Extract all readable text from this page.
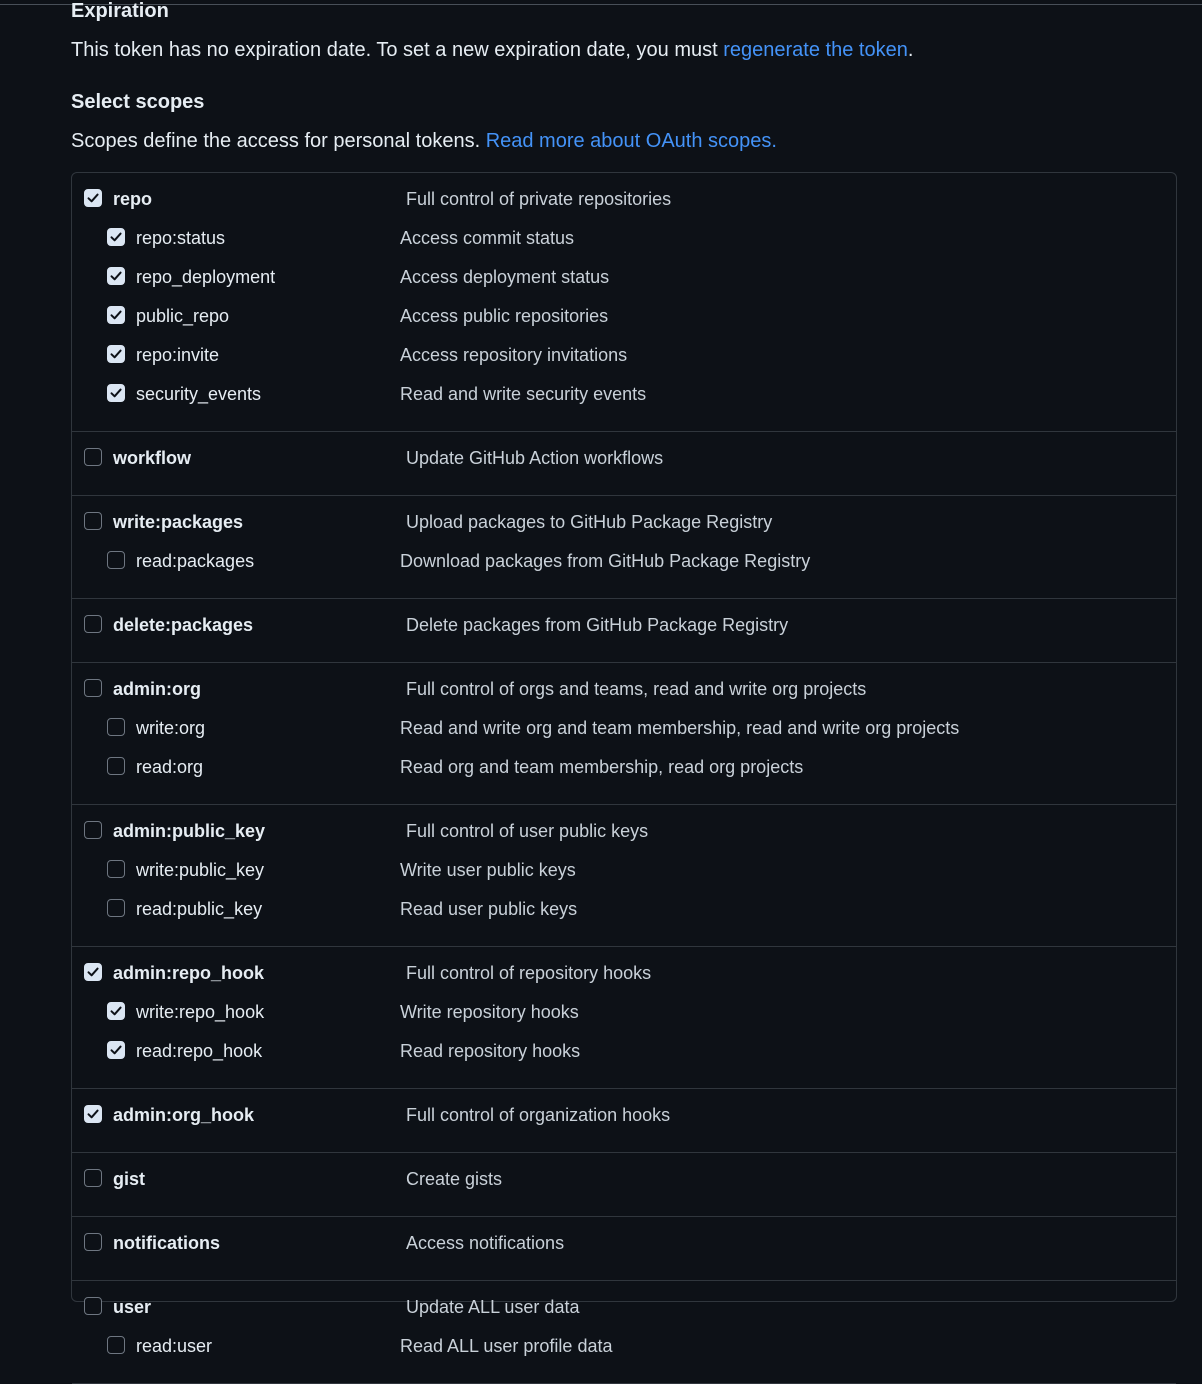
Expiration
This token has no expiration date. To set a new expiration date, you must regenerate the token.
Select scopes
Scopes define the access for personal tokens. Read more about OAuth scopes.
repo	Full control of private repositories
repo:status	Access commit status
repo_deployment	Access deployment status
public_repo	Access public repositories
repo:invite	Access repository invitations
security_events	Read and write security events
workflow	Update GitHub Action workflows
write:packages	Upload packages to GitHub Package Registry
read:packages	Download packages from GitHub Package Registry
delete:packages	Delete packages from GitHub Package Registry
admin:org	Full control of orgs and teams, read and write org projects
write:org	Read and write org and team membership, read and write org projects
read:org	Read org and team membership, read org projects
admin:public_key	Full control of user public keys
write:public_key	Write user public keys
read:public_key	Read user public keys
admin:repo_hook	Full control of repository hooks
write:repo_hook	Write repository hooks
read:repo_hook	Read repository hooks
admin:org_hook	Full control of organization hooks
gist	Create gists
notifications	Access notifications
user	Update ALL user data
read:user	Read ALL user profile data
